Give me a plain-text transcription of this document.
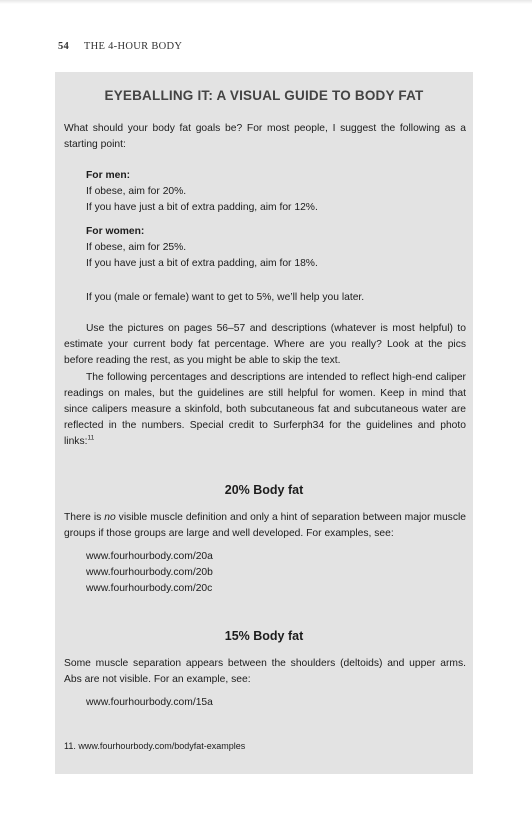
54 THE 4-HOUR BODY
EYEBALLING IT: A VISUAL GUIDE TO BODY FAT
What should your body fat goals be? For most people, I suggest the following as a starting point:
For men:
If obese, aim for 20%.
If you have just a bit of extra padding, aim for 12%.
For women:
If obese, aim for 25%.
If you have just a bit of extra padding, aim for 18%.
If you (male or female) want to get to 5%, we’ll help you later.
Use the pictures on pages 56–57 and descriptions (whatever is most helpful) to estimate your current body fat percentage. Where are you really? Look at the pics before reading the rest, as you might be able to skip the text.
The following percentages and descriptions are intended to reflect high-end caliper readings on males, but the guidelines are still helpful for women. Keep in mind that since calipers measure a skinfold, both subcutaneous fat and subcutaneous water are reflected in the numbers. Special credit to Surferph34 for the guidelines and photo links:$^{11}$
20% Body fat
There is no visible muscle definition and only a hint of separation between major muscle groups if those groups are large and well developed. For examples, see:
www.fourhourbody.com/20a
www.fourhourbody.com/20b
www.fourhourbody.com/20c
15% Body fat
Some muscle separation appears between the shoulders (deltoids) and upper arms. Abs are not visible. For an example, see:
www.fourhourbody.com/15a
11. www.fourhourbody.com/bodyfat-examples
